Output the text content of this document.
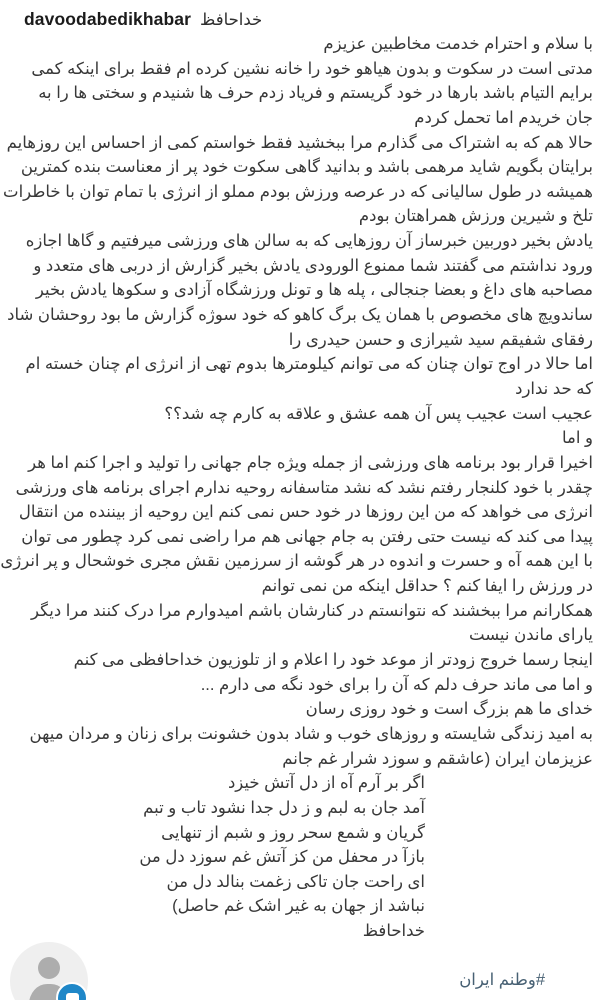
davoodabedikhabar خداحافظ
با سلام و احترام خدمت مخاطبین عزیزم
مدتی است در سکوت و بدون هیاهو خود را خانه نشین کرده ام فقط برای اینکه کمی
برایم التیام باشد بارها در خود گریستم و فریاد زدم حرف ها شنیدم و سختی ها را به
جان خریدم اما تحمل کردم
حالا هم که به اشتراک می گذارم مرا ببخشید فقط خواستم کمی از احساس این روزهایم
برایتان بگویم شاید مرهمی باشد و بدانید گاهی سکوت خود پر از معناست بنده کمترین
همیشه در طول سالیانی که در عرصه ورزش بودم مملو از انرژی با تمام توان با خاطرات
تلخ و شیرین ورزش همراهتان بودم
یادش بخیر دوربین خبرساز آن روزهایی که به سالن های ورزشی میرفتیم و گاها اجازه
ورود نداشتم می گفتند شما ممنوع الورودی یادش بخیر گزارش از دربی های متعدد و
مصاحبه های داغ و بعضا جنجالی ، پله ها و تونل ورزشگاه آزادی و سکوها یادش بخیر
ساندویچ های مخصوص با همان یک برگ کاهو که خود سوژه گزارش ما بود روحشان شاد
رفقای شفیقم سید شیرازی و حسن حیدری را
اما حالا در اوج توان چنان که می توانم کیلومترها بدوم تهی از انرژی ام چنان خسته ام
که حد ندارد
عجیب است عجیب پس آن همه عشق و علاقه به کارم چه شد؟؟
و اما
اخیرا قرار بود برنامه های ورزشی از جمله ویژه جام جهانی را تولید و اجرا کنم اما هر
چقدر با خود کلنجار رفتم نشد که نشد متاسفانه روحیه ندارم اجرای برنامه های ورزشی
انرژی می خواهد که من این روزها در خود حس نمی کنم این روحیه از بیننده من انتقال
پیدا می کند که نیست حتی رفتن به جام جهانی هم مرا راضی نمی کرد چطور می توان
با این همه آه و حسرت و اندوه در هر گوشه از سرزمین نقش مجری خوشحال و پر انرژی
در ورزش را ایفا کنم ؟ حداقل اینکه من نمی توانم
همکارانم مرا ببخشند که نتوانستم در کنارشان باشم امیدوارم مرا درک کنند مرا دیگر
یارای ماندن نیست
اینجا رسما خروج زودتر از موعد خود را اعلام و از تلوزیون خداحافظی می کنم
و اما می ماند حرف دلم که آن را برای خود نگه می دارم ...
خدای ما هم بزرگ است و خود روزی رسان
به امید زندگی شایسته و روزهای خوب و شاد بدون خشونت برای زنان و مردان میهن
عزیزمان ایران (عاشقم و سوزد شرار غم جانم
اگر بر آرم آه از دل آتش خیزد
آمد جان به لبم و ز دل جدا نشود تاب و تبم
گریان و شمع سحر روز و شبم از تنهایی
بازآ در محفل من کز آتش غم سوزد دل من
ای راحت جان تاکی زغمت بنالد دل من
نباشد از جهان به غیر اشک غم حاصل)
خداحافظ
#وطنم ایران
